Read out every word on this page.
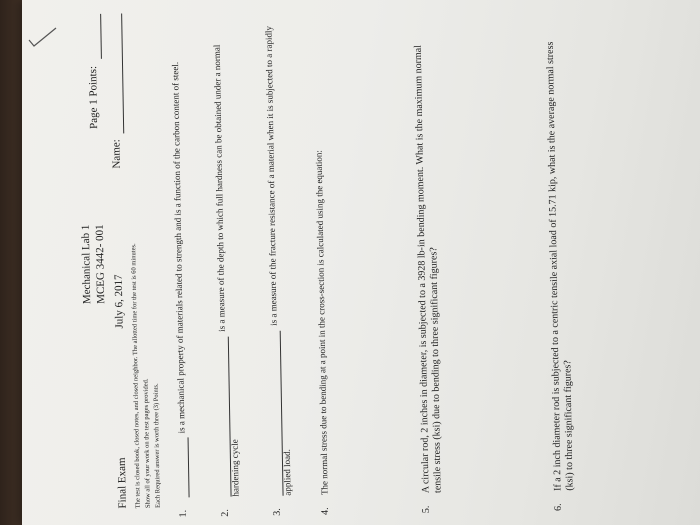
Page 1 Points:
Mechanical Lab 1 MCEG 3442- 001
Final Exam
July 6, 2017
Name:
The test is closed book, closed notes, and closed neighbor. The allotted time for the test is 60 minutes. Show all of your work on the test pages provided. Each Required answer is worth three (3) Points.
1.
is a mechanical property of materials related to strength and is a function of the carbon content of steel.
2.
is a measure of the depth to which full hardness can be obtained under a normal hardening cycle
3.
is a measure of the fracture resistance of a material when it is subjected to a rapidly applied load.
4.
The normal stress due to bending at a point in the cross-section is calculated using the equation:
5.
A circular rod, 2 inches in diameter, is subjected to a 3928 lb-in bending moment. What is the maximum normal tensile stress (ksi) due to bending to three significant figures?
6.
If a 2 inch diameter rod is subjected to a centric tensile axial load of 15.71 kip, what is the average normal stress (ksi) to three significant figures?
